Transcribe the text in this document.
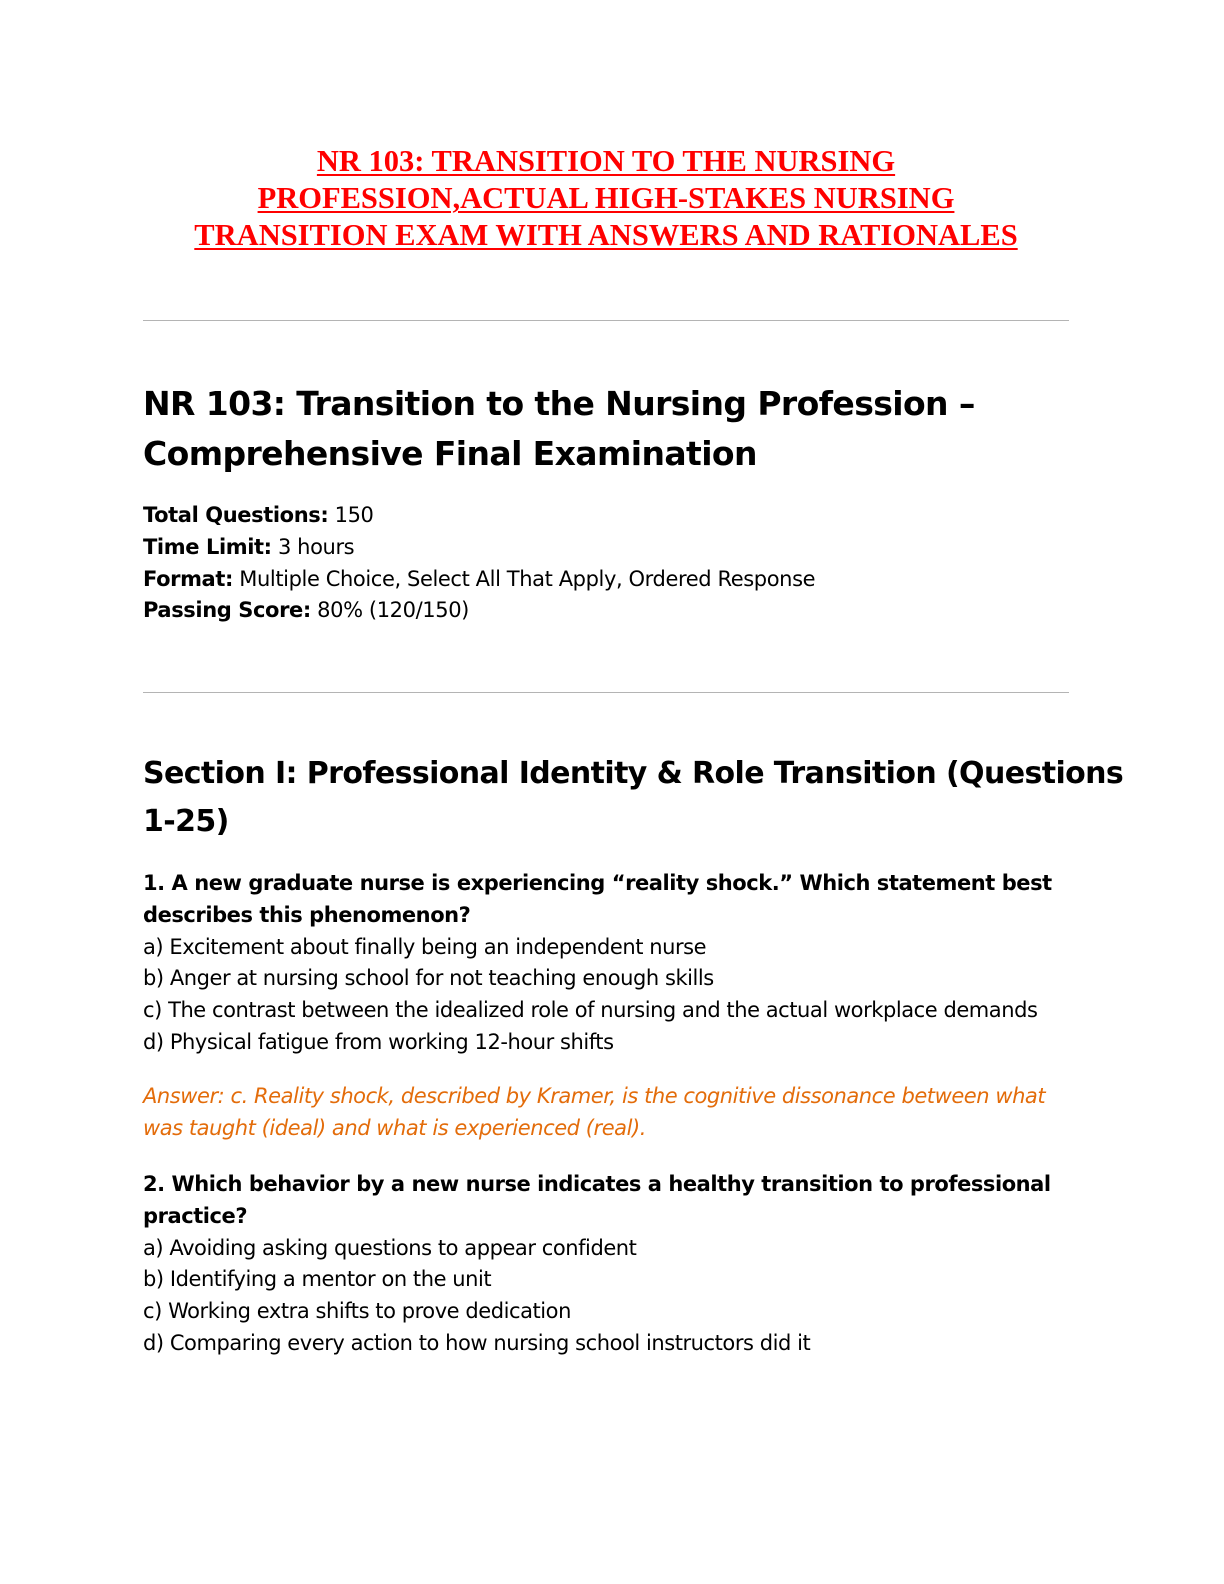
NR 103: TRANSITION TO THE NURSING
PROFESSION,ACTUAL HIGH-STAKES NURSING
TRANSITION EXAM WITH ANSWERS AND RATIONALES
NR 103: Transition to the Nursing Profession –
Comprehensive Final Examination
Total Questions: 150
Time Limit: 3 hours
Format: Multiple Choice, Select All That Apply, Ordered Response
Passing Score: 80% (120/150)
Section I: Professional Identity & Role Transition (Questions
1-25)
1. A new graduate nurse is experiencing “reality shock.” Which statement best
describes this phenomenon?
a) Excitement about finally being an independent nurse
b) Anger at nursing school for not teaching enough skills
c) The contrast between the idealized role of nursing and the actual workplace demands
d) Physical fatigue from working 12-hour shifts
Answer: c. Reality shock, described by Kramer, is the cognitive dissonance between what
was taught (ideal) and what is experienced (real).
2. Which behavior by a new nurse indicates a healthy transition to professional
practice?
a) Avoiding asking questions to appear confident
b) Identifying a mentor on the unit
c) Working extra shifts to prove dedication
d) Comparing every action to how nursing school instructors did it
